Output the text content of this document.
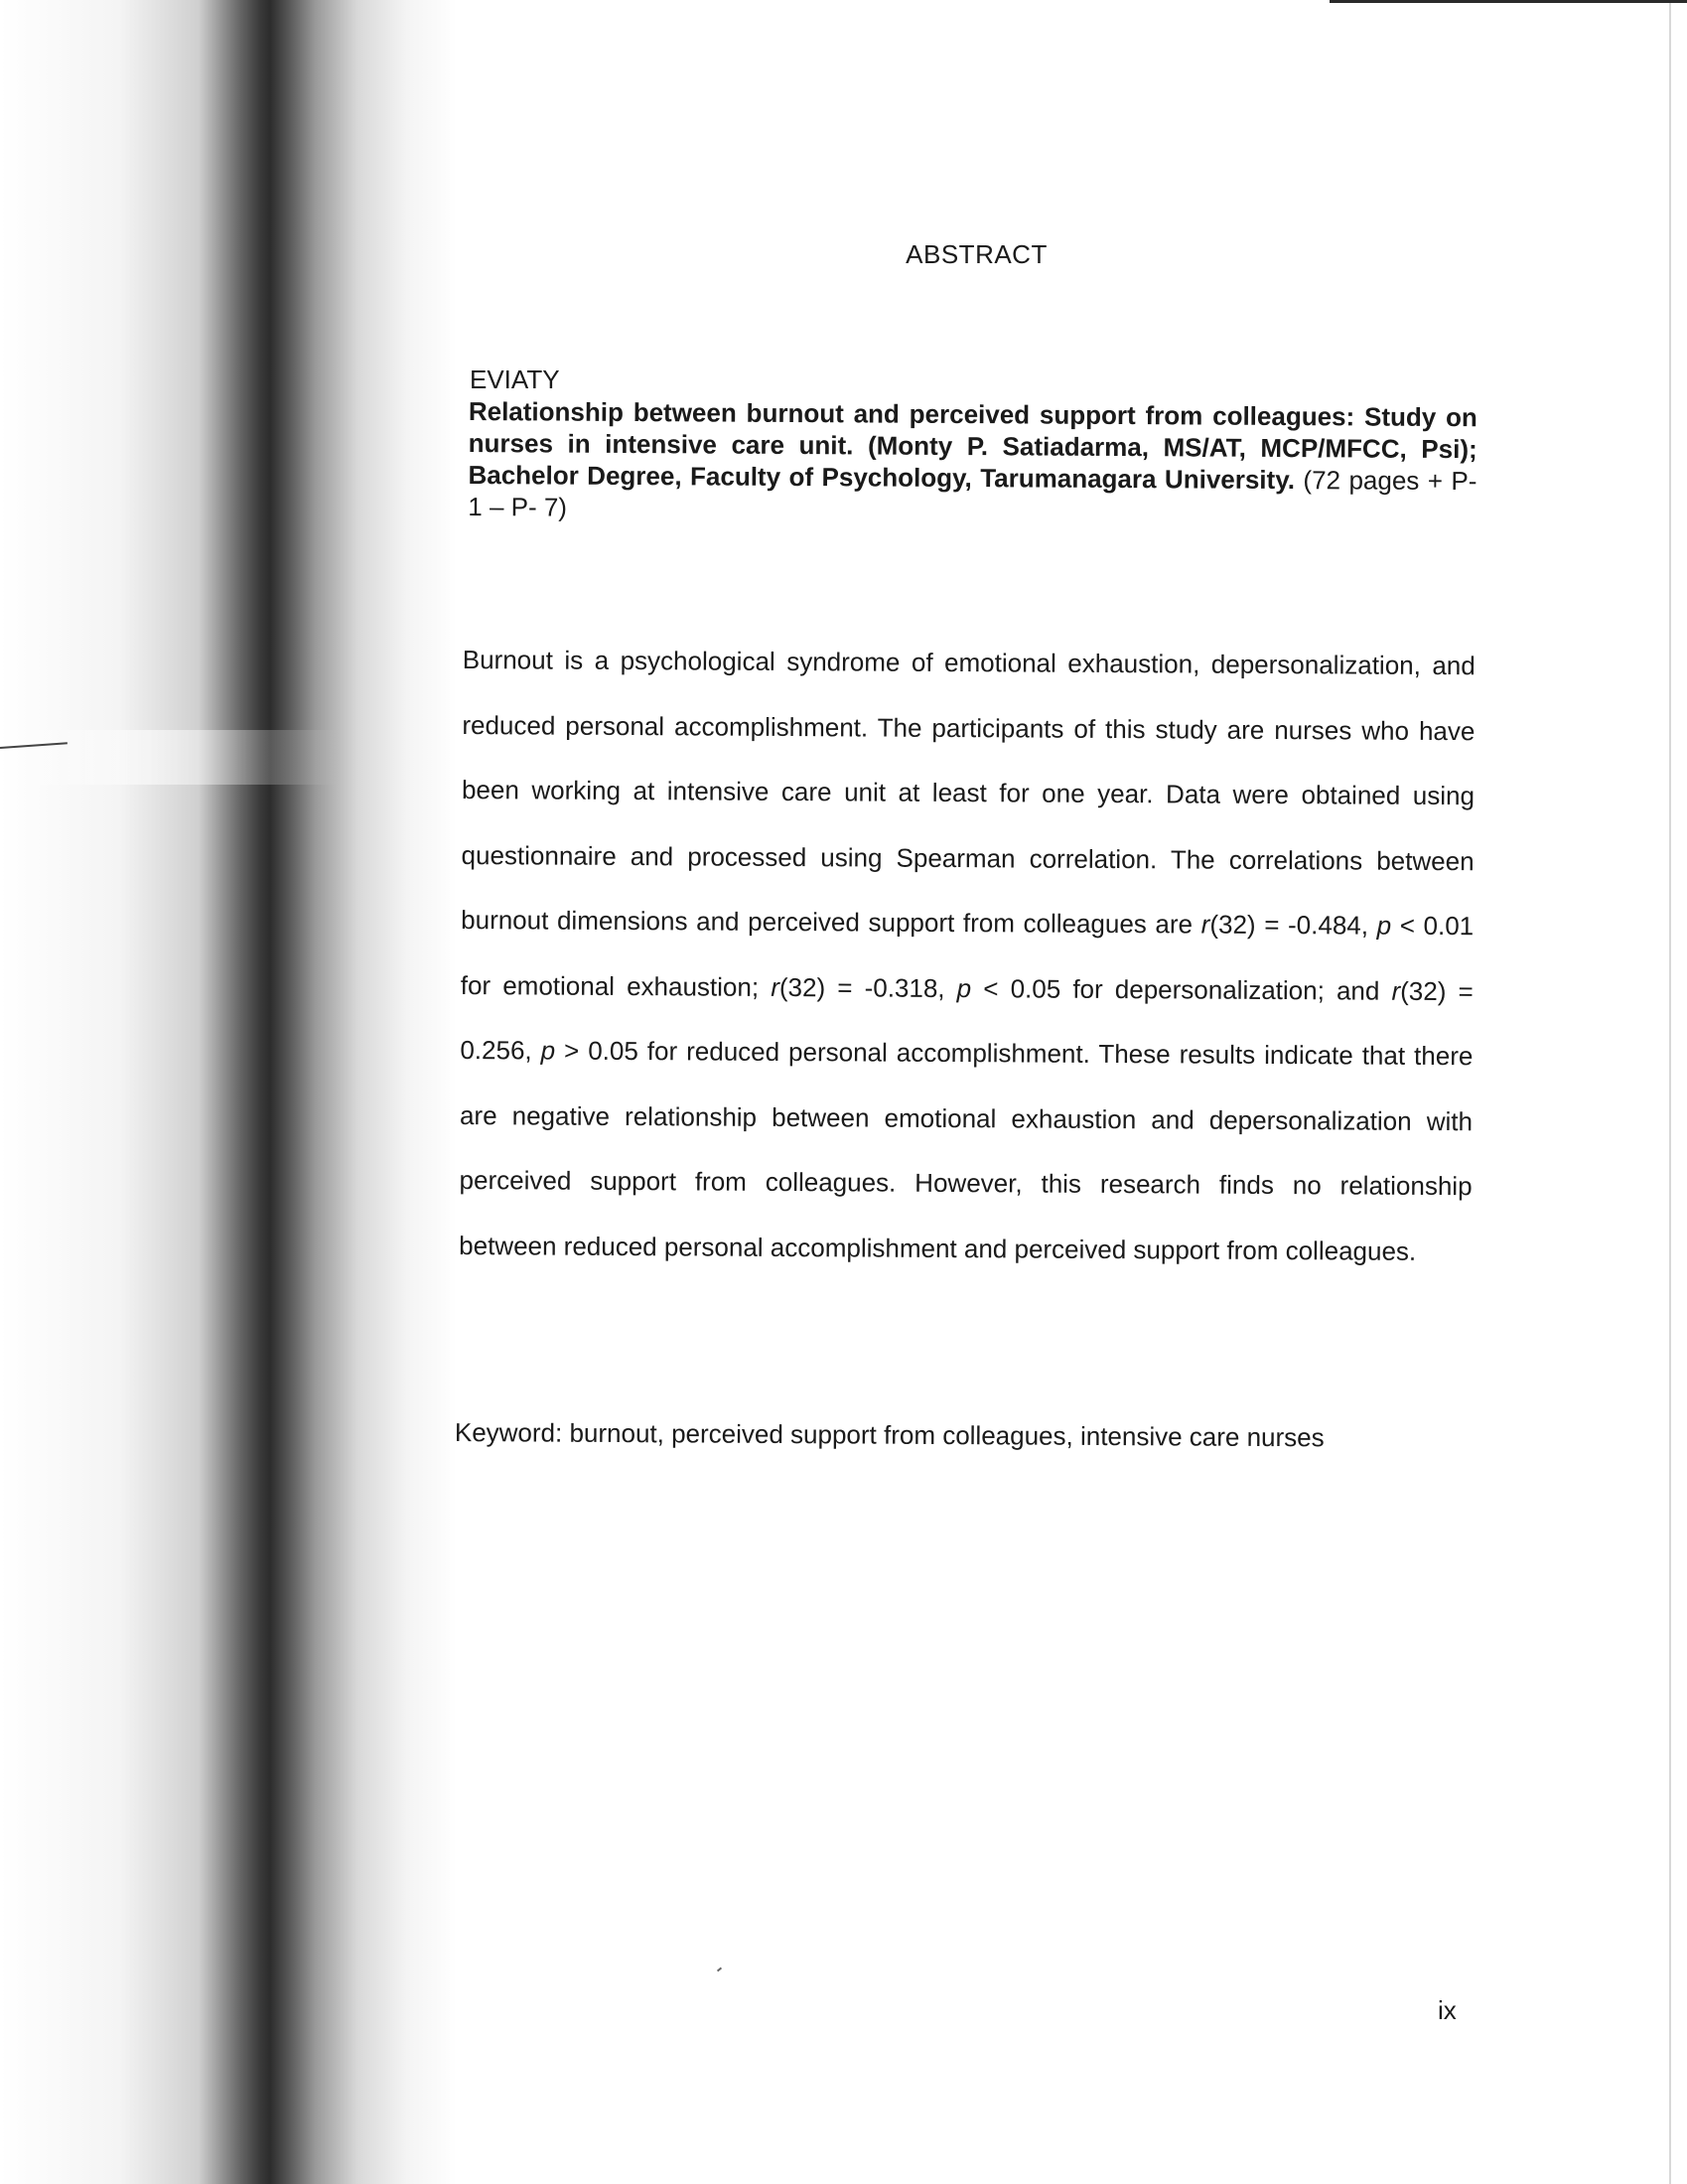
ABSTRACT
EVIATY
Relationship between burnout and perceived support from colleagues: Study on nurses in intensive care unit. (Monty P. Satiadarma, MS/AT, MCP/MFCC, Psi); Bachelor Degree, Faculty of Psychology, Tarumanagara University. (72 pages + P-1 – P- 7)

Burnout is a psychological syndrome of emotional exhaustion, depersonalization, and reduced personal accomplishment. The participants of this study are nurses who have been working at intensive care unit at least for one year. Data were obtained using questionnaire and processed using Spearman correlation. The correlations between burnout dimensions and perceived support from colleagues are r(32) = -0.484, p < 0.01 for emotional exhaustion; r(32) = -0.318, p < 0.05 for depersonalization; and r(32) = 0.256, p > 0.05 for reduced personal accomplishment. These results indicate that there are negative relationship between emotional exhaustion and depersonalization with perceived support from colleagues. However, this research finds no relationship between reduced personal accomplishment and perceived support from colleagues.

Keyword: burnout, perceived support from colleagues, intensive care nurses
ix
